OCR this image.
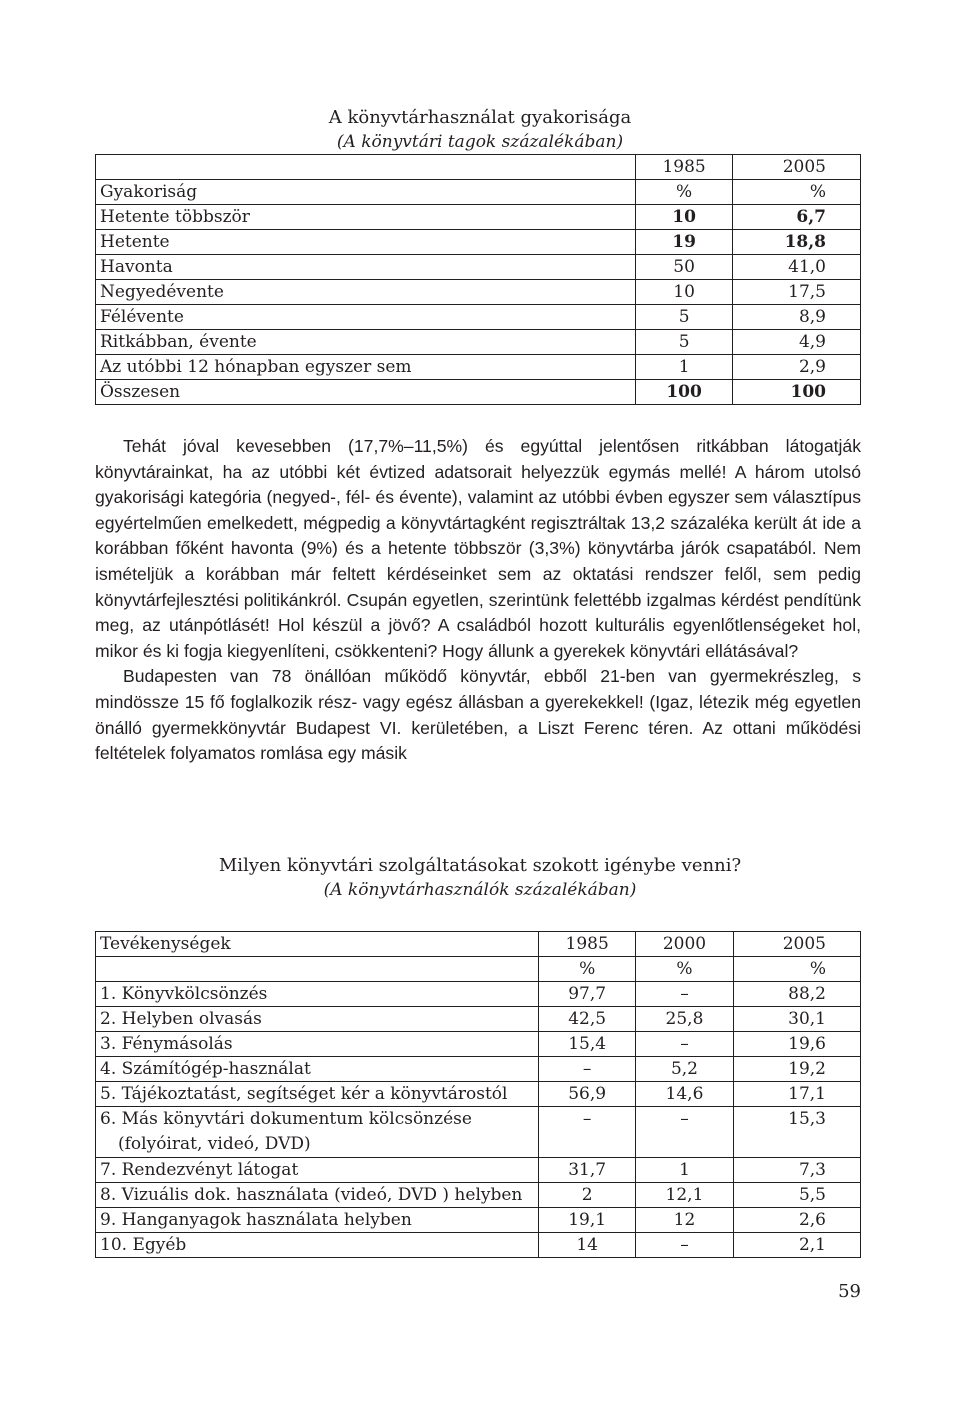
A könyvtárhasználat gyakorisága
(A könyvtári tagok százalékában)
	1985	2005
Gyakoriság	%	%
Hetente többször	10	6,7
Hetente	19	18,8
Havonta	50	41,0
Negyedévente	10	17,5
Félévente	5	8,9
Ritkábban, évente	5	4,9
Az utóbbi 12 hónapban egyszer sem	1	2,9
Összesen	100	100

Tehát jóval kevesebben (17,7%–11,5%) és egyúttal jelentősen ritkábban látogatják könyvtárainkat, ha az utóbbi két évtized adatsorait helyezzük egymás mellé! A három utolsó gyakorisági kategória (negyed-, fél- és évente), valamint az utóbbi évben egyszer sem választípus egyértelműen emelkedett, mégpedig a könyvtártagként regisztráltak 13,2 százaléka került át ide a korábban főként havonta (9%) és a hetente többször (3,3%) könyvtárba járók csapatából. Nem ismételjük a korábban már feltett kérdéseinket sem az oktatási rendszer felől, sem pedig könyvtárfejlesztési politikánkról. Csupán egyetlen, szerintünk felettébb izgalmas kérdést pendítünk meg, az utánpótlásét! Hol készül a jövő? A családból hozott kulturális egyenlőtlenségeket hol, mikor és ki fogja kiegyenlíteni, csökkenteni? Hogy állunk a gyerekek könyvtári ellátásával?

Budapesten van 78 önállóan működő könyvtár, ebből 21-ben van gyermekrészleg, s mindössze 15 fő foglalkozik rész- vagy egész állásban a gyerekekkel! (Igaz, létezik még egyetlen önálló gyermekkönyvtár Budapest VI. kerületében, a Liszt Ferenc téren. Az ottani működési feltételek folyamatos romlása egy másik

Milyen könyvtári szolgáltatásokat szokott igénybe venni?
(A könyvtárhasználók százalékában)
Tevékenységek	1985	2000	2005
	%	%	%
1. Könyvkölcsönzés	97,7	–	88,2
2. Helyben olvasás	42,5	25,8	30,1
3. Fénymásolás	15,4	–	19,6
4. Számítógép-használat	–	5,2	19,2
5. Tájékoztatást, segítséget kér a könyvtárostól	56,9	14,6	17,1
6. Más könyvtári dokumentum kölcsönzése
(folyóirat, videó, DVD)	–	–	15,3
7. Rendezvényt látogat	31,7	1	7,3
8. Vizuális dok. használata (videó, DVD ) helyben	2	12,1	5,5
9. Hanganyagok használata helyben	19,1	12	2,6
10. Egyéb	14	–	2,1
59
